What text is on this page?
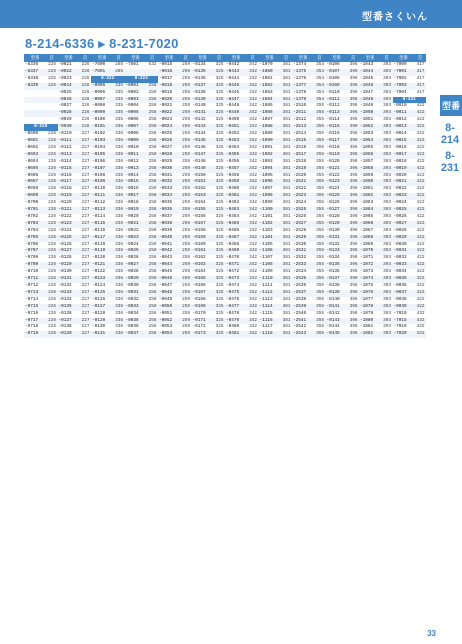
型番さくいん
8-214-6336 ▸ 8-231-7020
型番
8-214
8-231
型番	頁
-6336	225
-6337	225
-6338	225
-6339	225
8-220
-0690	226
-0691	226
-0692	226
-0693	226
-0694	226
-0695	226
-0696	226
-0697	226
-0698	226
-0699	226
-0700	226
-0701	226
-0702	226
-0703	226
-0704	226
-0705	226
-0706	226
-0707	226
-0708	226
-0709	226
-0710	226
-0711	226
-0712	226
-0713	226
-0714	226
-0715	226
-0716	226
-0717	226
-0718	226
-0719	226
型番	頁
-0021	226
-0022	226
-0023	226
-0024	226
-0025	226
-0026	226
-0027	226
-0028	226
-0029	226
-0030	226
-0110	227
-0111	227
-0112	227
-0113	227
-0114	227
-0115	227
-0116	227
-0117	227
-0118	227
-0119	227
-0120	227
-0121	227
-0122	227
-0123	227
-0124	227
-0125	227
-0126	227
-0127	227
-0128	227
-0129	227
-0130	227
-0131	227
-0132	227
-0133	227
-0134	227
-0135	227
-0136	227
-0137	227
-0138	227
-0139	227
型番	頁
-7800	285
-7801	285
8-222
-0005	335
-0006	335
-0007	335
-0008	335
-0009	335
-0100	336
-0101	336
-0102	336
-0103	336
-0104	336
-0105	336
-0106	336
-0107	336
-0108	336
-0109	336
-0110	336
-0111	336
-0112	336
-0113	336
-0114	336
-0115	336
-0116	336
-0117	336
-0118	336
-0119	336
-0120	336
-0121	336
-0122	336
-0123	336
-0124	336
-0125	336
-0126	336
-0127	336
-0128	336
-0129	336
-0130	336
-0131	336
型番	頁
-7801	532
8-223
-0001	258
-0002	258
-0003	258
-0004	258
-0005	258
-0006	258
-0007	258
-0008	258
-0009	258
-0010	258
-0011	258
-0012	258
-0013	258
-0014	258
-0015	258
-0016	258
-0017	258
-0018	258
-0019	258
-0020	258
-0021	258
-0022	258
-0023	258
-0024	258
-0025	258
-0026	258
-0027	258
-0028	258
-0029	258
-0030	258
-0031	258
-0032	258
-0033	258
-0034	258
-0035	258
-0036	258
-0037	258
型番	頁
-0015	259
-0016	259
-0017	259
-0018	259
-0019	259
-0020	259
-0021	259
-0022	259
-0023	259
-0024	259
-0025	259
-0026	259
-0027	259
-0028	259
-0029	259
-0030	259
-0031	259
-0032	259
-0033	259
-0034	259
-0035	259
-0036	259
-0037	259
-0038	259
-0039	259
-0040	259
-0041	259
-0042	259
-0043	259
-0044	259
-0045	259
-0046	259
-0047	259
-0048	259
-0049	259
-0050	259
-0051	259
-0052	259
-0053	259
-0054	259
型番	頁
-0134	325
-0135	325
-0136	325
-0137	325
-0138	325
-0139	325
-0140	325
-0141	325
-0142	325
-0143	325
-0144	325
-0145	325
-0146	325
-0147	325
-0148	325
-0149	325
-0150	325
-0151	325
-0152	325
-0153	325
-0154	325
-0155	325
-0156	325
-0157	325
-0158	325
-0159	325
-0160	325
-0161	325
-0162	325
-0163	325
-0164	325
-0165	325
-0166	325
-0167	325
-0168	325
-0169	325
-0170	325
-0171	325
-0172	325
-0173	325
型番	頁
-0442	342
-0443	342
-0444	342
-0445	342
-0446	342
-0447	342
-0448	342
-0449	342
-0450	342
-0451	342
-0452	342
-0453	342
-0454	342
-0455	342
-0456	342
-0457	342
-0458	342
-0459	342
-0460	342
-0461	342
-0462	342
-0463	342
-0464	342
-0465	342
-0466	342
-0467	342
-0468	342
-0469	342
-0470	342
-0471	342
-0472	342
-0473	342
-0474	342
-0475	342
-0476	342
-0477	342
-0478	342
-0479	342
-0480	342
-0481	342
型番	頁
-1079	381
-1080	381
-1081	381
-1082	381
-1083	381
-1084	381
-1085	381
-1086	381
-1087	381
-1088	381
-1089	381
-1090	381
-1091	381
-1092	381
-1093	381
-1094	381
-1095	381
-1096	381
-1097	381
-1098	381
-1099	381
-1100	381
-1101	381
-1102	381
-1103	381
-1104	381
-1105	381
-1106	381
-1107	381
-1108	381
-1109	381
-1110	381
-1111	381
-1112	381
-1113	381
-1114	381
-1115	381
-1116	381
-1117	381
-1118	381
型番	頁
-1374	354
-1375	354
-1376	354
-1377	354
-1378	354
-1379	354
-2510	355
-2511	355
-2512	355
-2513	355
-2514	355
-2515	355
-2516	355
-2517	355
-2518	355
-2519	355
-2520	355
-2521	355
-2522	355
-2523	355
-2524	355
-2525	355
-2526	355
-2527	355
-2528	355
-2529	355
-2530	355
-2531	355
-2532	355
-2533	355
-2534	355
-2535	355
-2536	355
-2537	355
-2538	355
-2539	355
-2540	355
-2541	355
-2542	355
-2543	355
型番	頁
-0106	396
-0107	396
-0108	396
-0109	396
-0110	396
-0111	396
-0112	396
-0113	396
-0114	396
-0115	396
-0116	396
-0117	396
-0118	396
-0119	396
-0120	396
-0121	396
-0122	396
-0123	396
-0124	396
-0125	396
-0126	396
-0127	396
-0128	396
-0129	396
-0130	396
-0131	396
-0132	396
-0133	396
-0134	396
-0135	396
-0136	396
-0137	396
-0138	396
-0139	396
-0140	396
-0141	396
-0142	396
-0143	396
-0144	396
-0145	396
型番	頁
-1043	393
-1044	393
-1045	393
-1046	393
-1047	393
-1048	393
-1049	393
-1050	393
-1051	393
-1052	393
-1053	393
-1054	393
-1055	393
-1056	393
-1057	393
-1058	393
-1059	393
-1060	393
-1061	393
-1062	393
-1063	393
-1064	393
-1065	393
-1066	393
-1067	393
-1068	393
-1069	393
-1070	393
-1071	393
-1072	393
-1073	393
-1074	393
-1075	393
-1076	393
-1077	393
-1078	393
-1079	393
-1080	393
-1081	393
-1082	393
型番	頁
-7000	417
-7001	417
-7002	417
-7003	417
-7004	417
8-231
-0010	422
-0011	422
-0012	422
-0013	422
-0014	422
-0015	422
-0016	422
-0017	422
-0018	422
-0019	422
-0020	422
-0021	422
-0022	422
-0023	422
-0024	422
-0025	422
-0026	422
-0027	422
-0028	422
-0029	422
-0030	422
-0031	422
-0032	422
-0033	422
-0034	422
-0035	422
-0036	422
-0037	422
-0038	422
-0039	422
-7010	432
-7015	432
-7019	432
-7020	432
33
